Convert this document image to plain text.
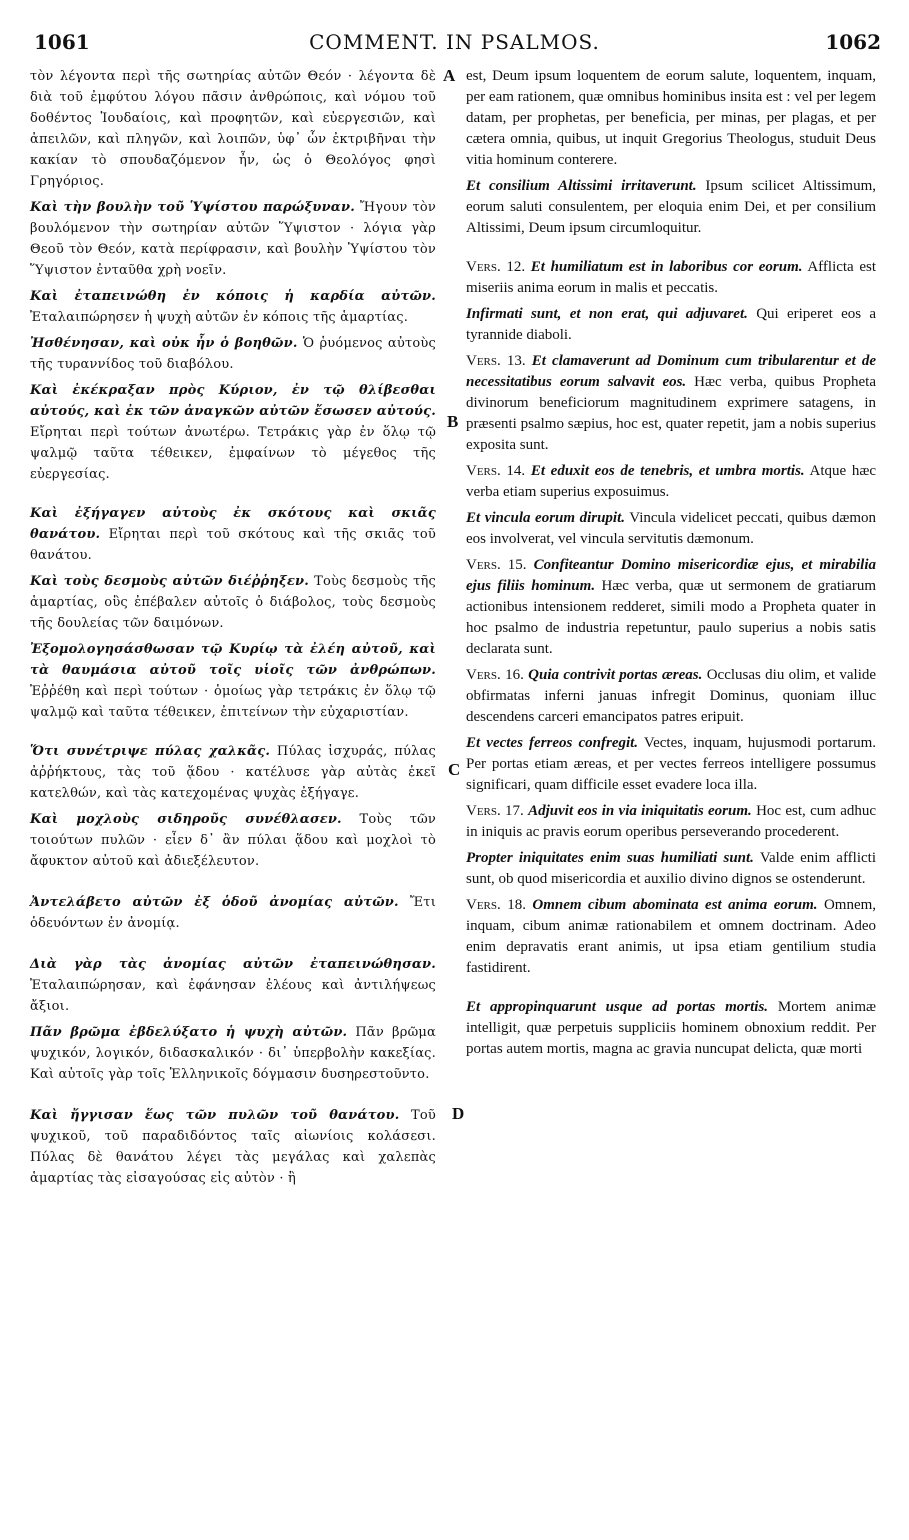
1061	COMMENT. IN PSALMOS.	1062
A
B
C
D

τὸν λέγοντα περὶ τῆς σωτηρίας αὐτῶν Θεόν · λέγοντα δὲ διὰ τοῦ ἐμφύτου λόγου πᾶσιν ἀνθρώποις, καὶ νόμου τοῦ δοθέντος Ἰουδαίοις, καὶ προφητῶν, καὶ εὐεργεσιῶν, καὶ ἀπειλῶν, καὶ πληγῶν, καὶ λοιπῶν, ὑφ᾽ ὧν ἐκτριβῆναι τὴν κακίαν τὸ σπουδαζόμενον ἦν, ὡς ὁ Θεολόγος φησὶ Γρηγόριος.

Καὶ τὴν βουλὴν τοῦ Ὑψίστου παρώξυναν. Ἤγουν τὸν βουλόμενον τὴν σωτηρίαν αὐτῶν Ὕψιστον · λόγια γὰρ Θεοῦ τὸν Θεόν, κατὰ περίφρασιν, καὶ βουλὴν Ὑψίστου τὸν Ὕψιστον ἐνταῦθα χρὴ νοεῖν.

Καὶ ἐταπεινώθη ἐν κόποις ἡ καρδία αὐτῶν. Ἐταλαιπώρησεν ἡ ψυχὴ αὐτῶν ἐν κόποις τῆς ἁμαρτίας.

Ἠσθένησαν, καὶ οὐκ ἦν ὁ βοηθῶν. Ὁ ῥυόμενος αὐτοὺς τῆς τυραννίδος τοῦ διαβόλου.

Καὶ ἐκέκραξαν πρὸς Κύριον, ἐν τῷ θλίβεσθαι αὐτούς, καὶ ἐκ τῶν ἀναγκῶν αὐτῶν ἔσωσεν αὐτούς. Εἴρηται περὶ τούτων ἀνωτέρω. Τετράκις γὰρ ἐν ὅλῳ τῷ ψαλμῷ ταῦτα τέθεικεν, ἐμφαίνων τὸ μέγεθος τῆς εὐεργεσίας.

Καὶ ἐξήγαγεν αὐτοὺς ἐκ σκότους καὶ σκιᾶς θανάτου. Εἴρηται περὶ τοῦ σκότους καὶ τῆς σκιᾶς τοῦ θανάτου.

Καὶ τοὺς δεσμοὺς αὐτῶν διέῤῥηξεν. Τοὺς δεσμοὺς τῆς ἁμαρτίας, οὓς ἐπέβαλεν αὐτοῖς ὁ διάβολος, τοὺς δεσμοὺς τῆς δουλείας τῶν δαιμόνων.

Ἐξομολογησάσθωσαν τῷ Κυρίῳ τὰ ἐλέη αὐτοῦ, καὶ τὰ θαυμάσια αὐτοῦ τοῖς υἱοῖς τῶν ἀνθρώπων. Ἐῤῥέθη καὶ περὶ τούτων · ὁμοίως γὰρ τετράκις ἐν ὅλῳ τῷ ψαλμῷ καὶ ταῦτα τέθεικεν, ἐπιτείνων τὴν εὐχαριστίαν.

Ὅτι συνέτριψε πύλας χαλκᾶς. Πύλας ἰσχυράς, πύλας ἀῤῥήκτους, τὰς τοῦ ᾅδου · κατέλυσε γὰρ αὐτὰς ἐκεῖ κατελθών, καὶ τὰς κατεχομένας ψυχὰς ἐξήγαγε.

Καὶ μοχλοὺς σιδηροῦς συνέθλασεν. Τοὺς τῶν τοιούτων πυλῶν · εἶεν δ᾽ ἂν πύλαι ᾅδου καὶ μοχλοὶ τὸ ἄφυκτον αὐτοῦ καὶ ἀδιεξέλευτον.

Ἀντελάβετο αὐτῶν ἐξ ὁδοῦ ἀνομίας αὐτῶν. Ἔτι ὁδευόντων ἐν ἀνομίᾳ.

Διὰ γὰρ τὰς ἀνομίας αὐτῶν ἐταπεινώθησαν. Ἐταλαιπώρησαν, καὶ ἐφάνησαν ἐλέους καὶ ἀντιλήψεως ἄξιοι.

Πᾶν βρῶμα ἐβδελύξατο ἡ ψυχὴ αὐτῶν. Πᾶν βρῶμα ψυχικόν, λογικόν, διδασκαλικόν · δι᾽ ὑπερβολὴν κακεξίας. Καὶ αὐτοῖς γὰρ τοῖς Ἑλληνικοῖς δόγμασιν δυσηρεστοῦντο.

Καὶ ἤγγισαν ἕως τῶν πυλῶν τοῦ θανάτου. Τοῦ ψυχικοῦ, τοῦ παραδιδόντος ταῖς αἰωνίοις κολάσεσι. Πύλας δὲ θανάτου λέγει τὰς μεγάλας καὶ χαλεπὰς ἁμαρτίας τὰς εἰσαγούσας εἰς αὐτὸν · ἢ

est, Deum ipsum loquentem de eorum salute, loquentem, inquam, per eam rationem, quæ omnibus hominibus insita est : vel per legem datam, per prophetas, per beneficia, per minas, per plagas, et per cætera omnia, quibus, ut inquit Gregorius Theologus, studuit Deus vitia hominum conterere.

Et consilium Altissimi irritaverunt. Ipsum scilicet Altissimum, eorum saluti consulentem, per eloquia enim Dei, et per consilium Altissimi, Deum ipsum circumloquitur.

Vers. 12. Et humiliatum est in laboribus cor eorum. Afflicta est miseriis anima eorum in malis et peccatis.

Infirmati sunt, et non erat, qui adjuvaret. Qui eriperet eos a tyrannide diaboli.

Vers. 13. Et clamaverunt ad Dominum cum tribularentur et de necessitatibus eorum salvavit eos. Hæc verba, quibus Propheta divinorum beneficiorum magnitudinem exprimere satagens, in præsenti psalmo sæpius, hoc est, quater repetit, jam a nobis superius exposita sunt.

Vers. 14. Et eduxit eos de tenebris, et umbra mortis. Atque hæc verba etiam superius exposuimus.

Et vincula eorum dirupit. Vincula videlicet peccati, quibus dæmon eos involverat, vel vincula servitutis dæmonum.

Vers. 15. Confiteantur Domino misericordiæ ejus, et mirabilia ejus filiis hominum. Hæc verba, quæ ut sermonem de gratiarum actionibus intensionem redderet, simili modo a Propheta quater in hoc psalmo de industria repetuntur, paulo superius a nobis satis declarata sunt.

Vers. 16. Quia contrivit portas æreas. Occlusas diu olim, et valide obfirmatas inferni januas infregit Dominus, quoniam illuc descendens carceri emancipatos patres eripuit.

Et vectes ferreos confregit. Vectes, inquam, hujusmodi portarum. Per portas etiam æreas, et per vectes ferreos intelligere possumus significari, quam difficile esset evadere loca illa.

Vers. 17. Adjuvit eos in via iniquitatis eorum. Hoc est, cum adhuc in iniquis ac pravis eorum operibus perseverando procederent.

Propter iniquitates enim suas humiliati sunt. Valde enim afflicti sunt, ob quod misericordia et auxilio divino dignos se ostenderunt.

Vers. 18. Omnem cibum abominata est anima eorum. Omnem, inquam, cibum animæ rationabilem et omnem doctrinam. Adeo enim depravatis erant animis, ut ipsa etiam gentilium studia fastidirent.

Et appropinquarunt usque ad portas mortis. Mortem animæ intelligit, quæ perpetuis suppliciis hominem obnoxium reddit. Per portas autem mortis, magna ac gravia nuncupat delicta, quæ morti
